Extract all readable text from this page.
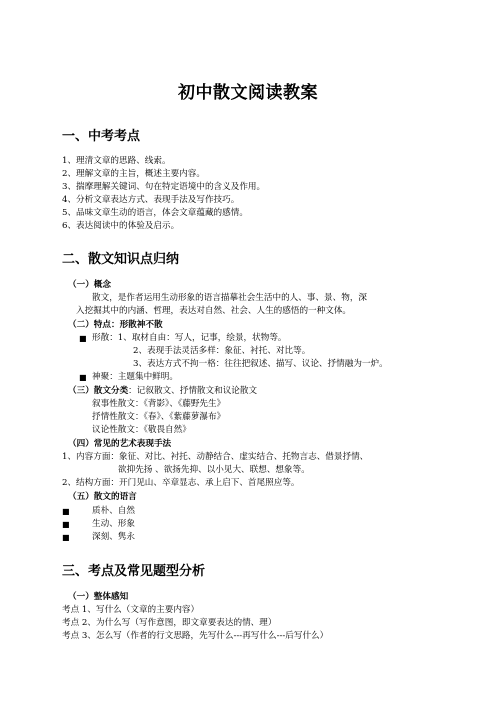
初中散文阅读教案
一、中考考点
1、理清文章的思路、线索。
2、理解文章的主旨，概述主要内容。
3、揣摩理解关键词、句在特定语境中的含义及作用。
4、分析文章表达方式、表现手法及写作技巧。
5、品味文章生动的语言，体会文章蕴藏的感情。
6、表达阅读中的体验及启示。
二、散文知识点归纳
（一）概念
散文，是作者运用生动形象的语言描摹社会生活中的人、事、景、物，深
入挖掘其中的内涵、哲理，表达对自然、社会、人生的感悟的一种文体。
（二）特点：形散神不散
■ 形散：1、取材自由：写人，记事，绘景，状物等。
2、表现手法灵活多样：象征、衬托、对比等。
3、表达方式不拘一格：往往把叙述、描写、议论、抒情融为一炉。
■ 神聚：主题集中鲜明。
（三）散文分类：记叙散文、抒情散文和议论散文
叙事性散文：《背影》、《藤野先生》
抒情性散文：《春》、《紫藤萝瀑布》
议论性散文：《敬畏自然》
（四）常见的艺术表现手法
1、内容方面：象征、对比、衬托、动静结合、虚实结合、托物言志、借景抒情、
欲抑先扬 、欲扬先抑、以小见大、联想、想象等。
2、结构方面：开门见山、卒章显志、承上启下、首尾照应等。
（五）散文的语言
■	质朴、自然
■	生动、形象
■	深刻、隽永
三、考点及常见题型分析
（一）整体感知
考点 1、写什么（文章的主要内容）
考点 2、为什么写（写作意图，即文章要表达的情、理）
考点 3、怎么写（作者的行文思路，先写什么---再写什么---后写什么）
